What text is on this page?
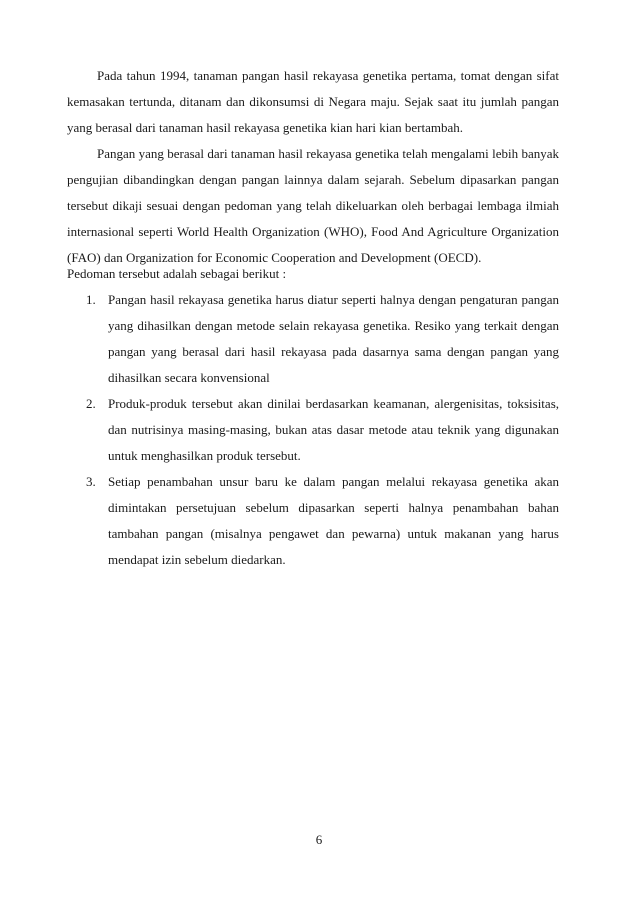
Pada tahun 1994, tanaman pangan hasil rekayasa genetika pertama, tomat dengan sifat kemasakan tertunda, ditanam dan dikonsumsi di Negara maju. Sejak saat itu jumlah pangan yang berasal dari tanaman hasil rekayasa genetika kian hari kian bertambah.

Pangan yang berasal dari tanaman hasil rekayasa genetika telah mengalami lebih banyak pengujian dibandingkan dengan pangan lainnya dalam sejarah. Sebelum dipasarkan pangan tersebut dikaji sesuai dengan pedoman yang telah dikeluarkan oleh berbagai lembaga ilmiah internasional seperti World Health Organization (WHO), Food And Agriculture Organization (FAO) dan Organization for Economic Cooperation and Development (OECD).

Pedoman tersebut adalah sebagai berikut :
1. Pangan hasil rekayasa genetika harus diatur seperti halnya dengan pengaturan pangan yang dihasilkan dengan metode selain rekayasa genetika. Resiko yang terkait dengan pangan yang berasal dari hasil rekayasa pada dasarnya sama dengan pangan yang dihasilkan secara konvensional
2. Produk-produk tersebut akan dinilai berdasarkan keamanan, alergenisitas, toksisitas, dan nutrisinya masing-masing, bukan atas dasar metode atau teknik yang digunakan untuk menghasilkan produk tersebut.
3. Setiap penambahan unsur baru ke dalam pangan melalui rekayasa genetika akan dimintakan persetujuan sebelum dipasarkan seperti halnya penambahan bahan tambahan pangan (misalnya pengawet dan pewarna) untuk makanan yang harus mendapat izin sebelum diedarkan.
6
